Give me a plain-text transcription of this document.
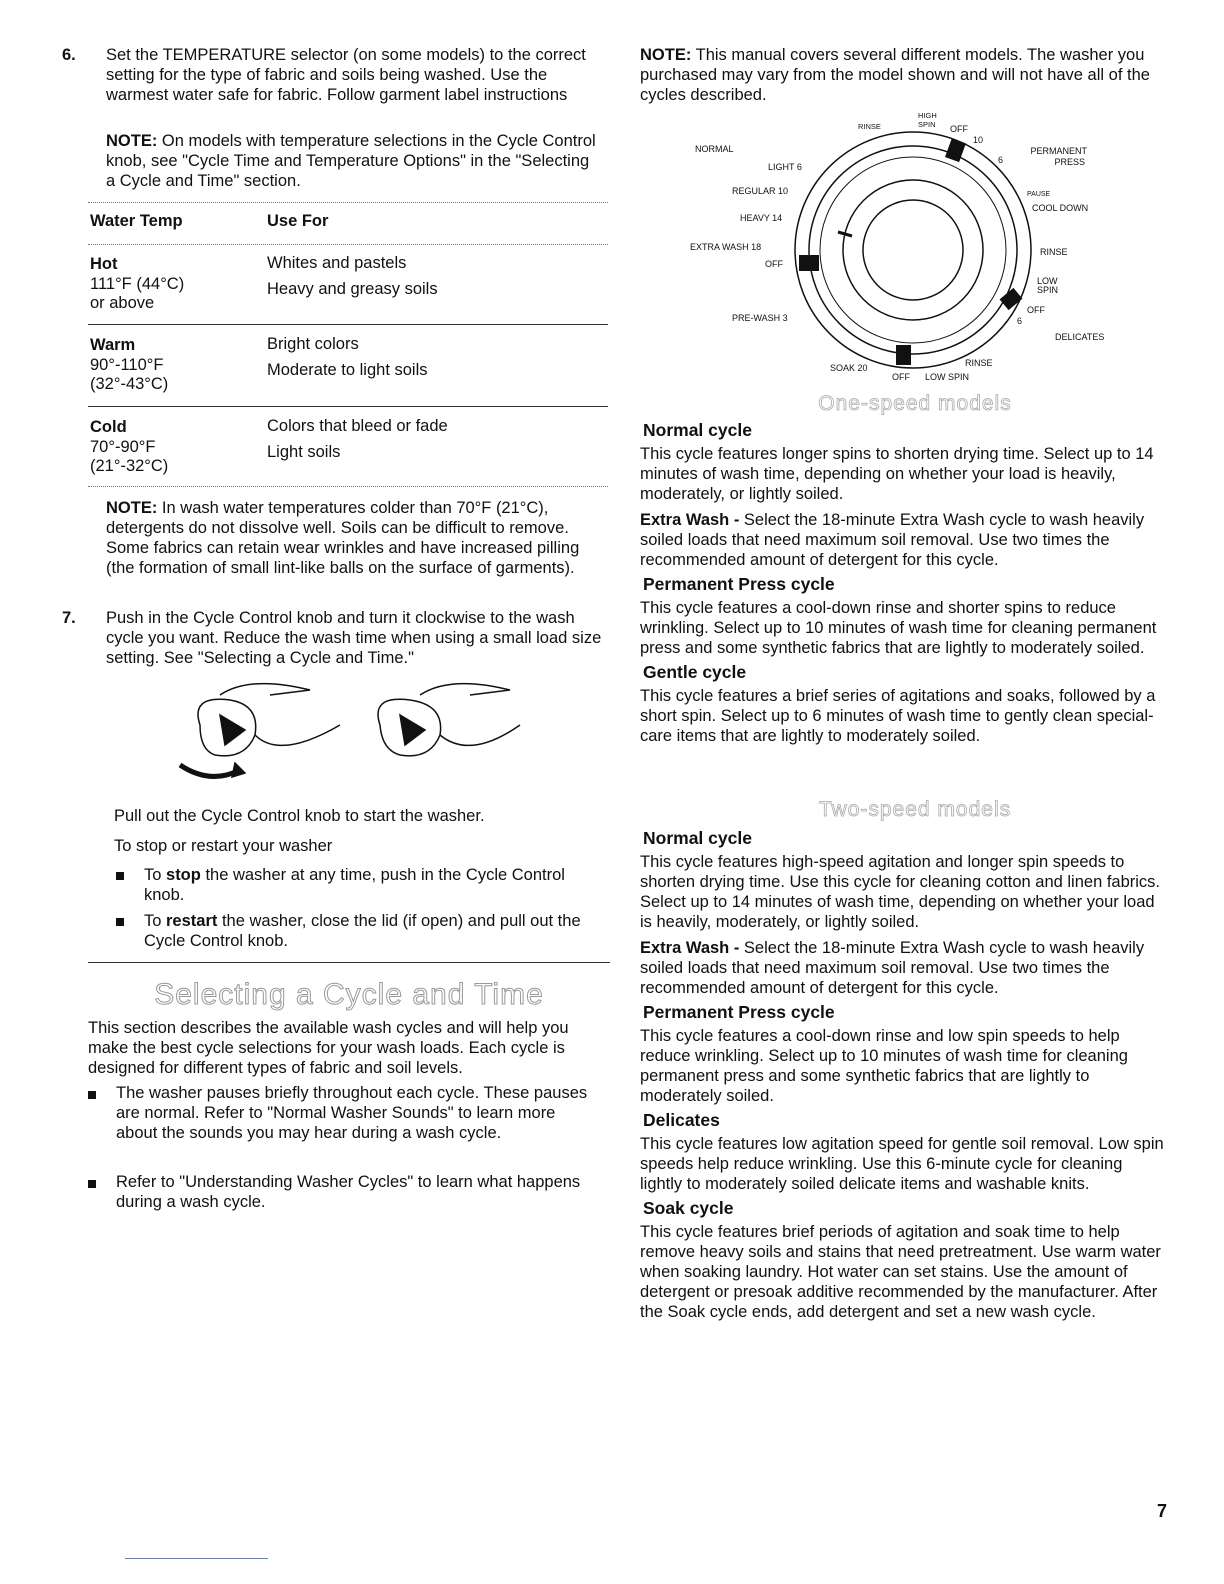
6. Set the TEMPERATURE selector (on some models) to the correct setting for the type of fabric and soils being washed. Use the warmest water safe for fabric. Follow garment label instructions

NOTE: On models with temperature selections in the Cycle Control knob, see "Cycle Time and Temperature Options" in the "Selecting a Cycle and Time" section.

Water Temp	Use For
Hot
111°F (44°C)
or above
Whites and pastels
Heavy and greasy soils
Warm
90°-110°F
(32°-43°C)
Bright colors
Moderate to light soils
Cold
70°-90°F
(21°-32°C)
Colors that bleed or fade
Light soils

NOTE: In wash water temperatures colder than 70°F (21°C), detergents do not dissolve well. Soils can be difficult to remove. Some fabrics can retain wear wrinkles and have increased pilling (the formation of small lint-like balls on the surface of garments).

7. Push in the Cycle Control knob and turn it clockwise to the wash cycle you want. Reduce the wash time when using a small load size setting. See "Selecting a Cycle and Time."

Pull out the Cycle Control knob to start the washer.

To stop or restart your washer

To stop the washer at any time, push in the Cycle Control knob.

To restart the washer, close the lid (if open) and pull out the Cycle Control knob.

Selecting a Cycle and Time

This section describes the available wash cycles and will help you make the best cycle selections for your wash loads. Each cycle is designed for different types of fabric and soil levels.

The washer pauses briefly throughout each cycle. These pauses are normal. Refer to "Normal Washer Sounds" to learn more about the sounds you may hear during a wash cycle.

Refer to "Understanding Washer Cycles" to learn what happens during a wash cycle.

NOTE: This manual covers several different models. The washer you purchased may vary from the model shown and will not have all of the cycles described.

NORMAL
LIGHT 6
REGULAR 10
HEAVY 14
EXTRA WASH 18
OFF
PRE-WASH 3
SOAK 20
OFF LOW SPIN
RINSE
DELICATES
OFF
6
LOW
SPIN
RINSE
COOL DOWN
PAUSE
PERMANENT
PRESS
6
10
OFF
HIGH
SPIN
RINSE
One-speed models
Normal cycle

This cycle features longer spins to shorten drying time. Select up to 14 minutes of wash time, depending on whether your load is heavily, moderately, or lightly soiled.

Extra Wash - Select the 18-minute Extra Wash cycle to wash heavily soiled loads that need maximum soil removal. Use two times the recommended amount of detergent for this cycle.

Permanent Press cycle

This cycle features a cool-down rinse and shorter spins to reduce wrinkling. Select up to 10 minutes of wash time for cleaning permanent press and some synthetic fabrics that are lightly to moderately soiled.

Gentle cycle

This cycle features a brief series of agitations and soaks, followed by a short spin. Select up to 6 minutes of wash time to gently clean special-care items that are lightly to moderately soiled.

Two-speed models
Normal cycle

This cycle features high-speed agitation and longer spin speeds to shorten drying time. Use this cycle for cleaning cotton and linen fabrics. Select up to 14 minutes of wash time, depending on whether your load is heavily, moderately, or lightly soiled.

Extra Wash - Select the 18-minute Extra Wash cycle to wash heavily soiled loads that need maximum soil removal. Use two times the recommended amount of detergent for this cycle.

Permanent Press cycle

This cycle features a cool-down rinse and low spin speeds to help reduce wrinkling. Select up to 10 minutes of wash time for cleaning permanent press and some synthetic fabrics that are lightly to moderately soiled.

Delicates

This cycle features low agitation speed for gentle soil removal. Low spin speeds help reduce wrinkling. Use this 6-minute cycle for cleaning lightly to moderately soiled delicate items and washable knits.

Soak cycle

This cycle features brief periods of agitation and soak time to help remove heavy soils and stains that need pretreatment. Use warm water when soaking laundry. Hot water can set stains. Use the amount of detergent or presoak additive recommended by the manufacturer. After the Soak cycle ends, add detergent and set a new wash cycle.

7
